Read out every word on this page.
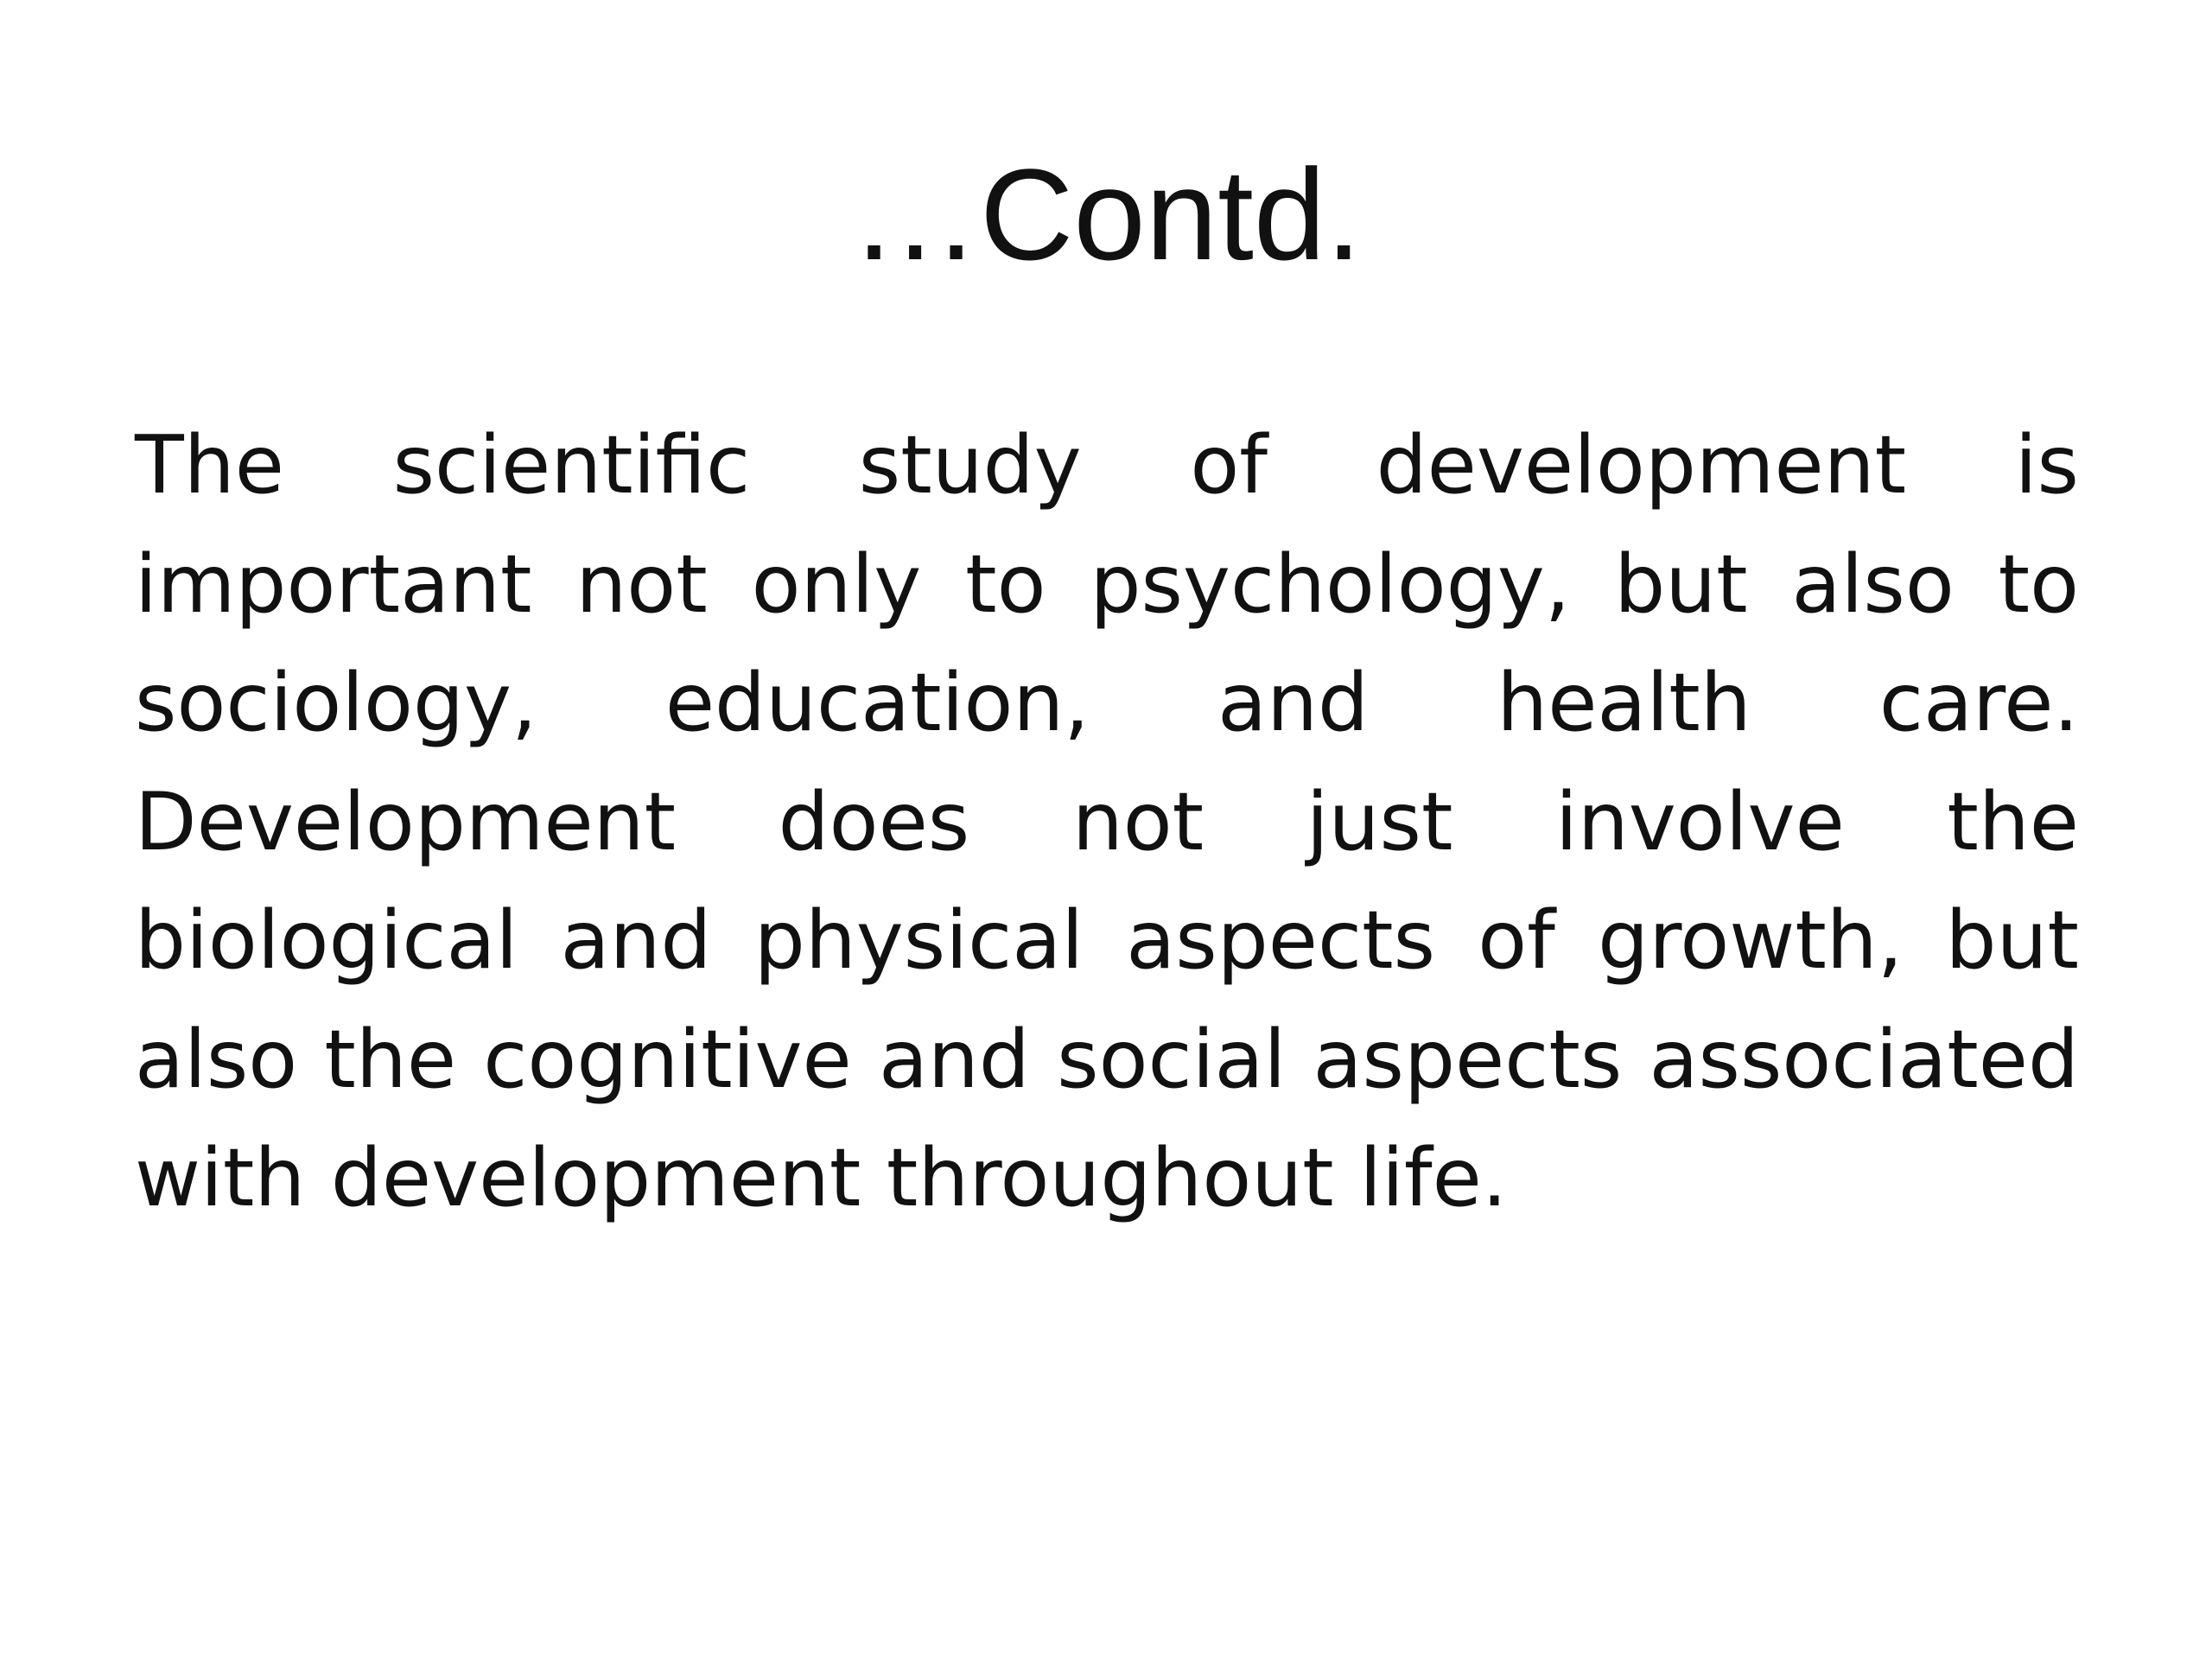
…Contd.

The scientific study of development is important not only to psychology, but also to sociology, education, and health care. Development does not just involve the biological and physical aspects of growth, but also the cognitive and social aspects associated with development throughout life.
